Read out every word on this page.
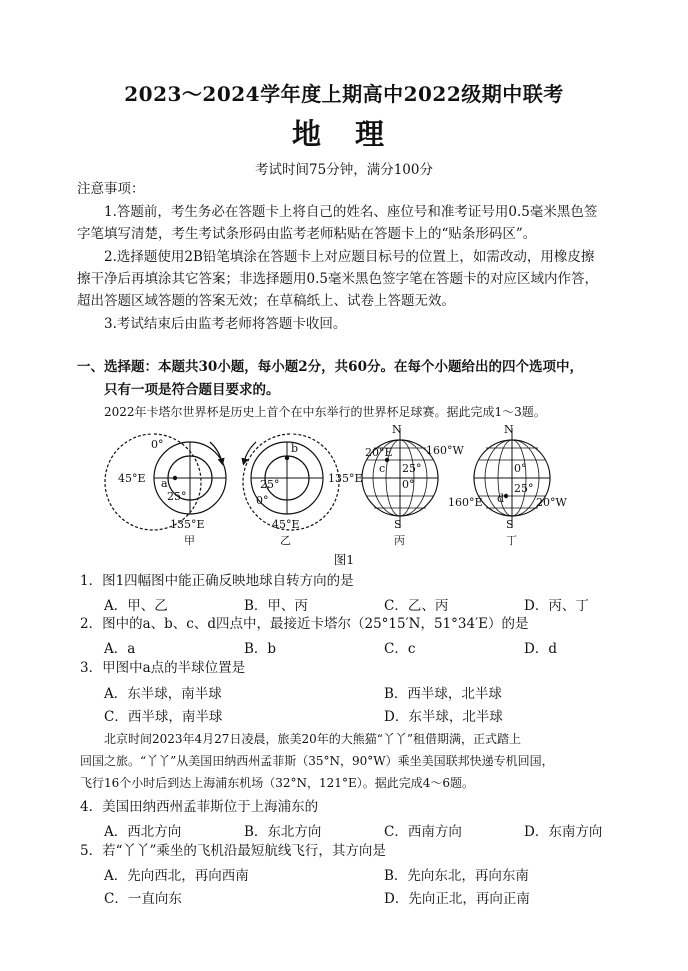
2023～2024学年度上期高中2022级期中联考
地 理
考试时间75分钟，满分100分
注意事项：
1.答题前，考生务必在答题卡上将自己的姓名、座位号和准考证号用0.5毫米黑色签
字笔填写清楚，考生考试条形码由监考老师粘贴在答题卡上的“贴条形码区”。
2.选择题使用2B铅笔填涂在答题卡上对应题目标号的位置上，如需改动，用橡皮擦
擦干净后再填涂其它答案；非选择题用0.5毫米黑色签字笔在答题卡的对应区域内作答，
超出答题区域答题的答案无效；在草稿纸上、试卷上答题无效。
3.考试结束后由监考老师将答题卡收回。
一、选择题：本题共30小题，每小题2分，共60分。在每个小题给出的四个选项中，
只有一项是符合题目要求的。
2022年卡塔尔世界杯是历史上首个在中东举行的世界杯足球赛。据此完成1～3题。
0°
45°E a
25°
135°E
甲
b
135°E
25°
0°
45°E
乙
N
20°E
c 25°
0°
160°W
S
丙
N
0°
d
25°
160°E	20°W
S
丁
图1
1．图1四幅图中能正确反映地球自转方向的是
A．甲、乙	B．甲、丙	C．乙、丙	D．丙、丁
2．图中的a、b、c、d四点中，最接近卡塔尔（25°15′N，51°34′E）的是
A．a	B．b	C．c	D．d
3．甲图中a点的半球位置是
A．东半球，南半球	B．西半球，北半球
C．西半球，南半球	D．东半球，北半球
北京时间2023年4月27日凌晨，旅美20年的大熊猫“丫丫”租借期满，正式踏上
回国之旅。“丫丫”从美国田纳西州孟菲斯（35°N，90°W）乘坐美国联邦快递专机回国，
飞行16个小时后到达上海浦东机场（32°N，121°E）。据此完成4～6题。
4．美国田纳西州孟菲斯位于上海浦东的
A．西北方向	B．东北方向	C．西南方向	D．东南方向
5．若“丫丫”乘坐的飞机沿最短航线飞行，其方向是
A．先向西北，再向西南	B．先向东北，再向东南
C．一直向东	D．先向正北，再向正南
